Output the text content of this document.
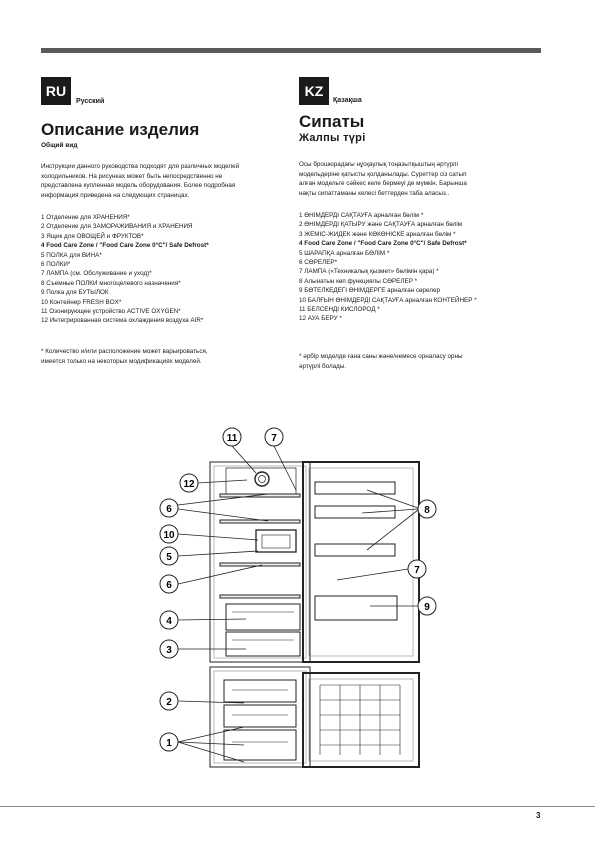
RU
Русский
Описание изделия
Общий вид
Инструкции данного руководства подходят для различных моделей
холодильников. На рисунках может быть непосредственно не
представлена купленная модель оборудования. Более подробная
информация приведена на следующих страницах.
1 Отделение для ХРАНЕНИЯ*
2 Отделение для ЗАМОРАЖИВАНИЯ и ХРАНЕНИЯ
3 Ящик для ОВОЩЕЙ и ФРУКТОВ*
4 Food Care Zone / "Food Care Zone 0°C"/ Safe Defrost*
5 ПОЛКА для ВИНА*
6 ПОЛКИ*
7 ЛАМПА (см. Обслуживание и уход)*
8 Съемные ПОЛКИ многоцелевого назначения*
9 Полка для БУТЫЛОК
10 Контейнер FRESH BOX*
11 Озонирующее устройство ACTIVE OXYGEN*
12 Интегрированная система охлаждения воздуха AIR*
* Количество и/или расположение может варьироваться,
имеется только на некоторых модификациях моделей.
KZ
Қазақша
Сипаты
Жалпы түрі
Осы брошюрадағы нұсқаулық тоңазытқыштың әртүрлі
модельдеріне қатысты қолданылады. Суреттер сіз сатып
алған модельге сәйкес келе бермеуі де мүмкін. Барынша
нақты сипаттаманы келесі беттерден таба аласыз..
1 ӨНІМДЕРДІ САҚТАУҒА арналған бөлім *
2 ӨНІМДЕРДІ ҚАТЫРУ және САҚТАУҒА арналған бөлім
3 ЖЕМІС-ЖИДЕК және КӨКӨНІСКЕ арналған бөлім *
4 Food Care Zone / "Food Care Zone 0°C"/ Safe Defrost*
5 ШАРАПҚА арналған БӨЛІМ *
6 СӨРЕЛЕР*
7 ЛАМПА («Техникалық қызмет» бөлімін қара) *
8 Алынатын көп функциялы СӨРЕЛЕР *
9 БӨТЕЛКЕДЕГІ ӨНІМДЕРГЕ арналған сөрелер
10 БАЛҒЫН ӨНІМДЕРДІ САҚТАУҒА арналған КОНТЕЙНЕР *
11 БЕЛСЕНДІ КИСЛОРОД *
12 АУА БЕРУ *
* әрбір моделде ғана саны және/немесе орналасу орны
әртүрлі болады.
11	7
12
6
10
5
6
4
3
8
7
9
2
1
3
